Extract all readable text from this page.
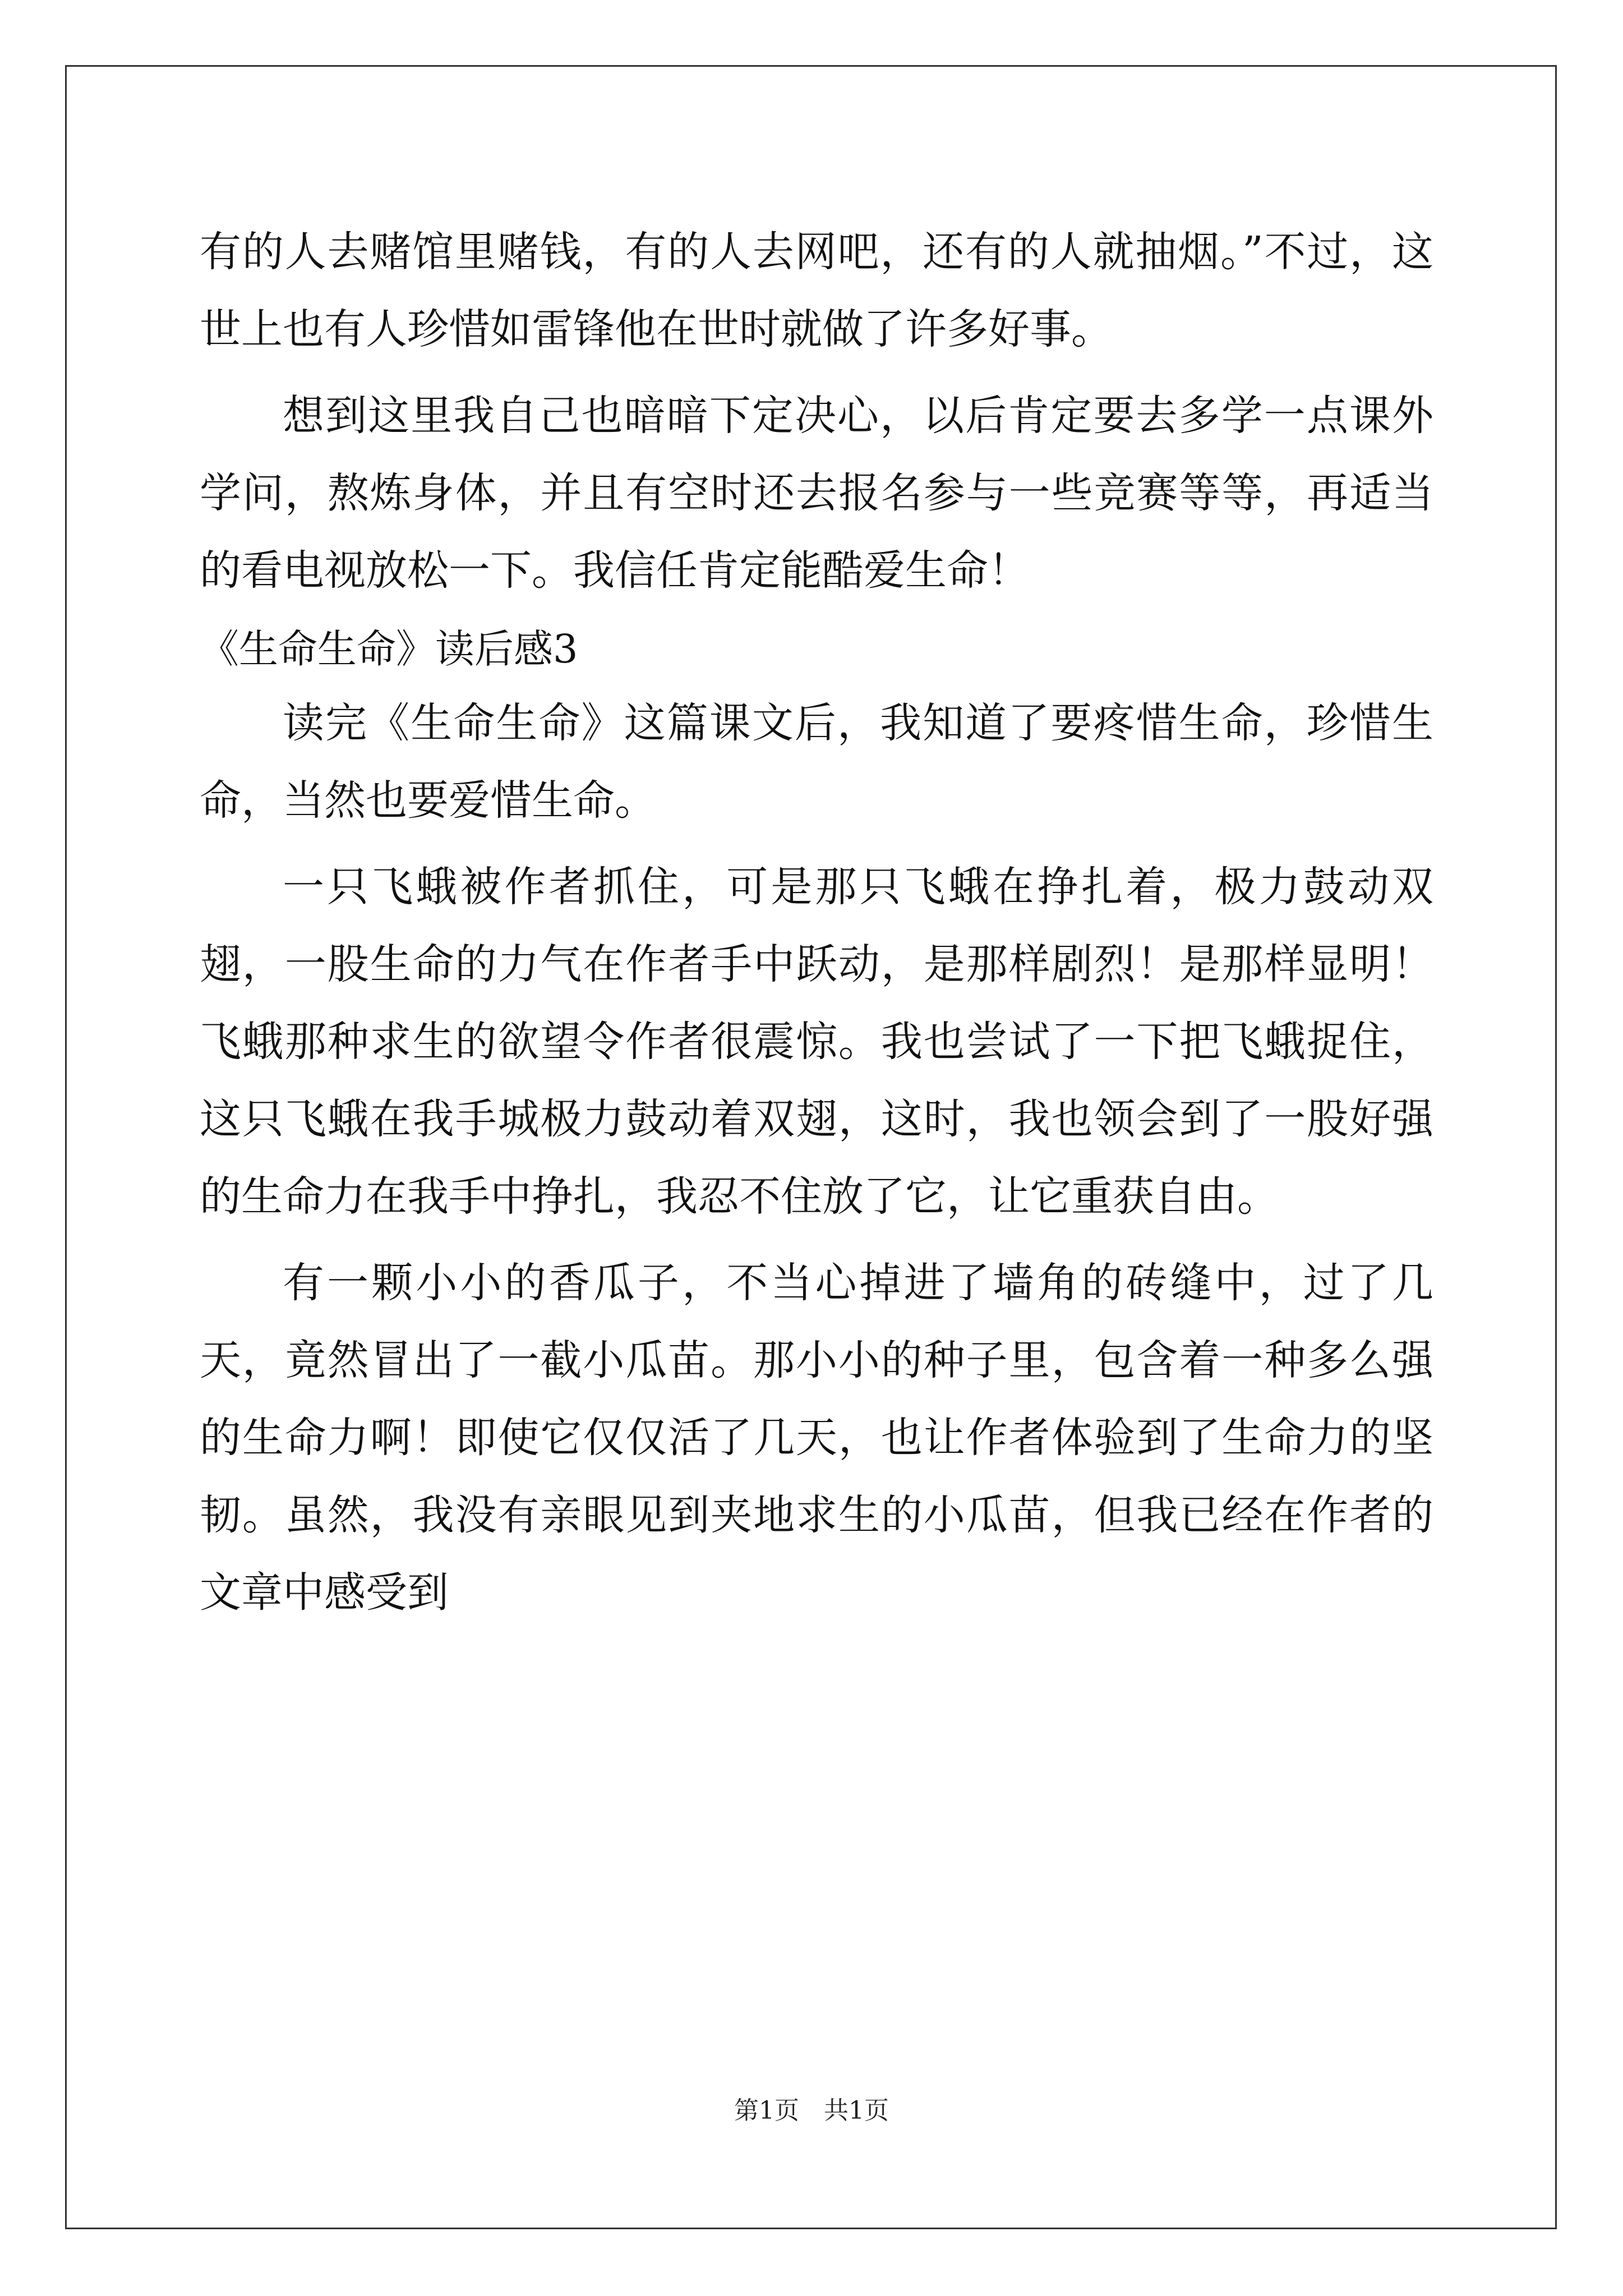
有的人去赌馆里赌钱，有的人去网吧，还有的人就抽烟。”不过，这世上也有人珍惜如雷锋他在世时就做了许多好事。

想到这里我自己也暗暗下定决心，以后肯定要去多学一点课外学问，熬炼身体，并且有空时还去报名参与一些竞赛等等，再适当的看电视放松一下。我信任肯定能酷爱生命！

《生命生命》读后感3

读完《生命生命》这篇课文后，我知道了要疼惜生命，珍惜生命，当然也要爱惜生命。

一只飞蛾被作者抓住，可是那只飞蛾在挣扎着，极力鼓动双翅，一股生命的力气在作者手中跃动，是那样剧烈！是那样显明！飞蛾那种求生的欲望令作者很震惊。我也尝试了一下把飞蛾捉住，这只飞蛾在我手城极力鼓动着双翅，这时，我也领会到了一股好强的生命力在我手中挣扎，我忍不住放了它，让它重获自由。

有一颗小小的香瓜子，不当心掉进了墙角的砖缝中，过了几天，竟然冒出了一截小瓜苗。那小小的种子里，包含着一种多么强的生命力啊！即使它仅仅活了几天，也让作者体验到了生命力的坚韧。虽然，我没有亲眼见到夹地求生的小瓜苗，但我已经在作者的文章中感受到

第1页　共1页
